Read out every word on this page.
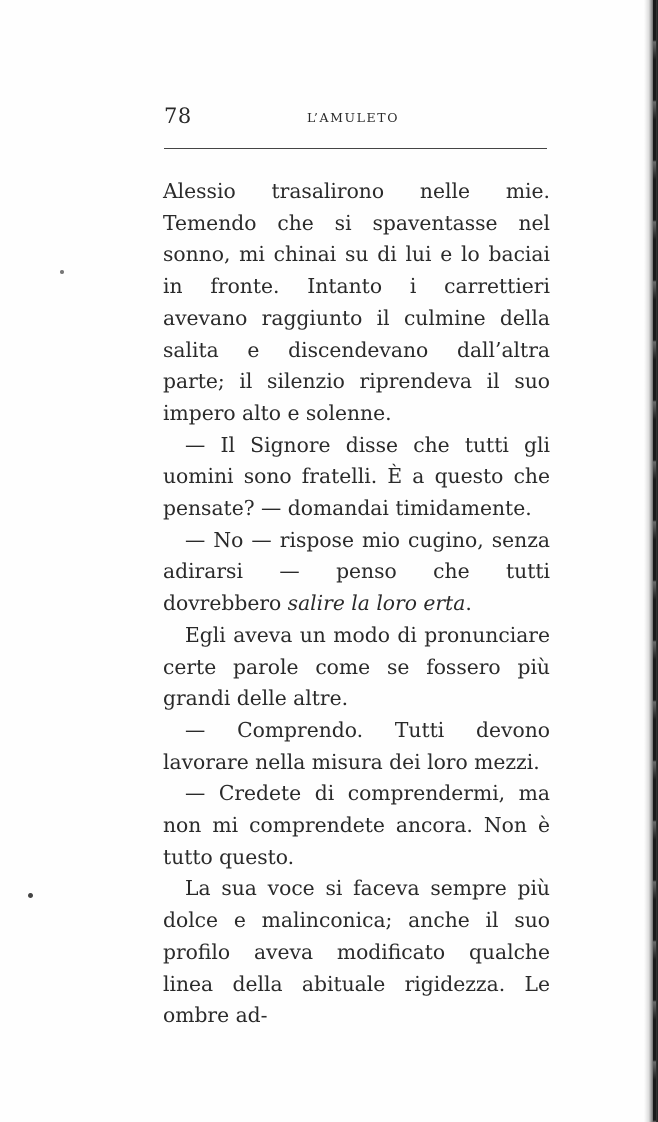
78	L’AMULETO

Alessio trasalirono nelle mie. Temendo che si spaventasse nel sonno, mi chinai su di lui e lo baciai in fronte. Intanto i carrettieri avevano raggiunto il culmine della salita e discendevano dall’altra parte; il silenzio riprendeva il suo impero alto e solenne.

— Il Signore disse che tutti gli uomini sono fratelli. È a questo che pensate? — domandai timidamente.

— No — rispose mio cugino, senza adirarsi — penso che tutti dovrebbero salire la loro erta.

Egli aveva un modo di pronunciare certe parole come se fossero più grandi delle altre.

— Comprendo. Tutti devono lavorare nella misura dei loro mezzi.

— Credete di comprendermi, ma non mi comprendete ancora. Non è tutto questo.

La sua voce si faceva sempre più dolce e malinconica; anche il suo profilo aveva modificato qualche linea della abituale rigidezza. Le ombre ad-
